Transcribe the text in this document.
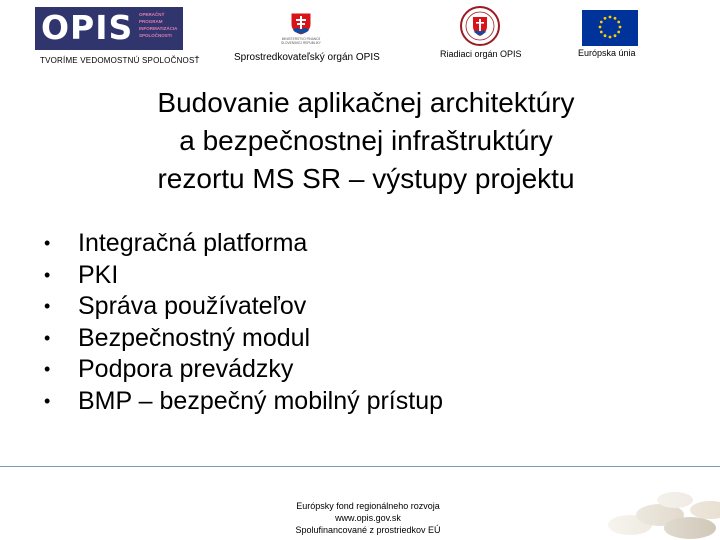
OPIS OPERAČNÝ
PROGRAM
INFORMATIZÁCIA
SPOLOČNOSTI
TVORÍME VEDOMOSTNÚ SPOLOČNOSŤ
MINISTERSTVO FINANCIÍ SLOVENSKEJ REPUBLIKY
Sprostredkovateľský orgán OPIS	Riadiaci orgán OPIS	Európska únia
Budovanie aplikačnej architektúry
a bezpečnostnej infraštruktúry
rezortu MS SR – výstupy projektu
• Integračná platforma
• PKI
• Správa používateľov
• Bezpečnostný modul
• Podpora prevádzky
• BMP – bezpečný mobilný prístup
Európsky fond regionálneho rozvoja
www.opis.gov.sk
Spolufinancované z prostriedkov EÚ
